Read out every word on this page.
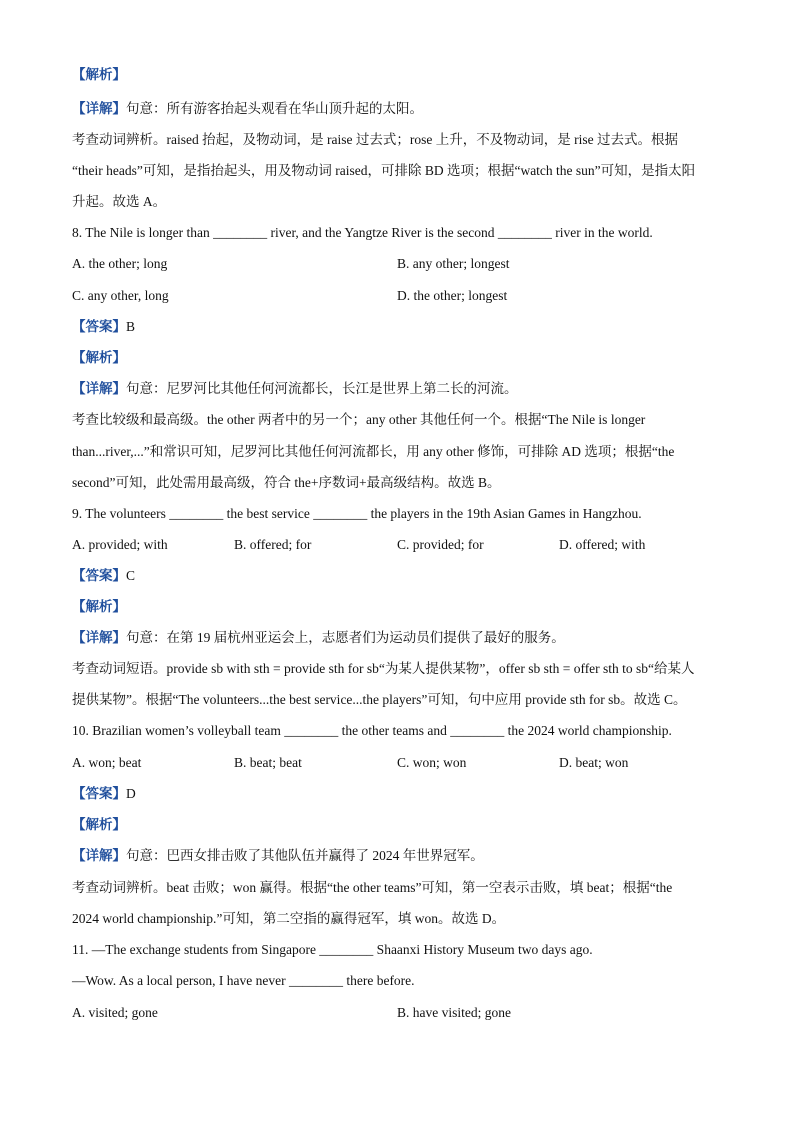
【解析】
【详解】句意：所有游客抬起头观看在华山顶升起的太阳。
考查动词辨析。raised 抬起，及物动词，是 raise 过去式；rose 上升，不及物动词，是 rise 过去式。根据
“their heads”可知，是指抬起头，用及物动词 raised，可排除 BD 选项；根据“watch the sun”可知，是指太阳
升起。故选 A。
8. The Nile is longer than ________ river, and the Yangtze River is the second ________ river in the world.
【答案】B
【解析】
【详解】句意：尼罗河比其他任何河流都长，长江是世界上第二长的河流。
考查比较级和最高级。the other 两者中的另一个；any other 其他任何一个。根据“The Nile is longer
than...river,...”和常识可知，尼罗河比其他任何河流都长，用 any other 修饰，可排除 AD 选项；根据“the
second”可知，此处需用最高级，符合 the+序数词+最高级结构。故选 B。
9. The volunteers ________ the best service ________ the players in the 19th Asian Games in Hangzhou.
【答案】C
【解析】
【详解】句意：在第 19 届杭州亚运会上，志愿者们为运动员们提供了最好的服务。
考查动词短语。provide sb with sth = provide sth for sb“为某人提供某物”，offer sb sth = offer sth to sb“给某人
提供某物”。根据“The volunteers...the best service...the players”可知，句中应用 provide sth for sb。故选 C。
10. Brazilian women’s volleyball team ________ the other teams and ________ the 2024 world championship.
【答案】D
【解析】
【详解】句意：巴西女排击败了其他队伍并赢得了 2024 年世界冠军。
考查动词辨析。beat 击败；won 赢得。根据“the other teams”可知，第一空表示击败，填 beat；根据“the
2024 world championship.”可知，第二空指的赢得冠军，填 won。故选 D。
11. —The exchange students from Singapore ________ Shaanxi History Museum two days ago.
—Wow. As a local person, I have never ________ there before.
A. the other; long	B. any other; longest
C. any other, long	D. the other; longest
A. provided; with	B. offered; for	C. provided; for	D. offered; with
A. won; beat	B. beat; beat	C. won; won	D. beat; won
A. visited; gone	B. have visited; gone
